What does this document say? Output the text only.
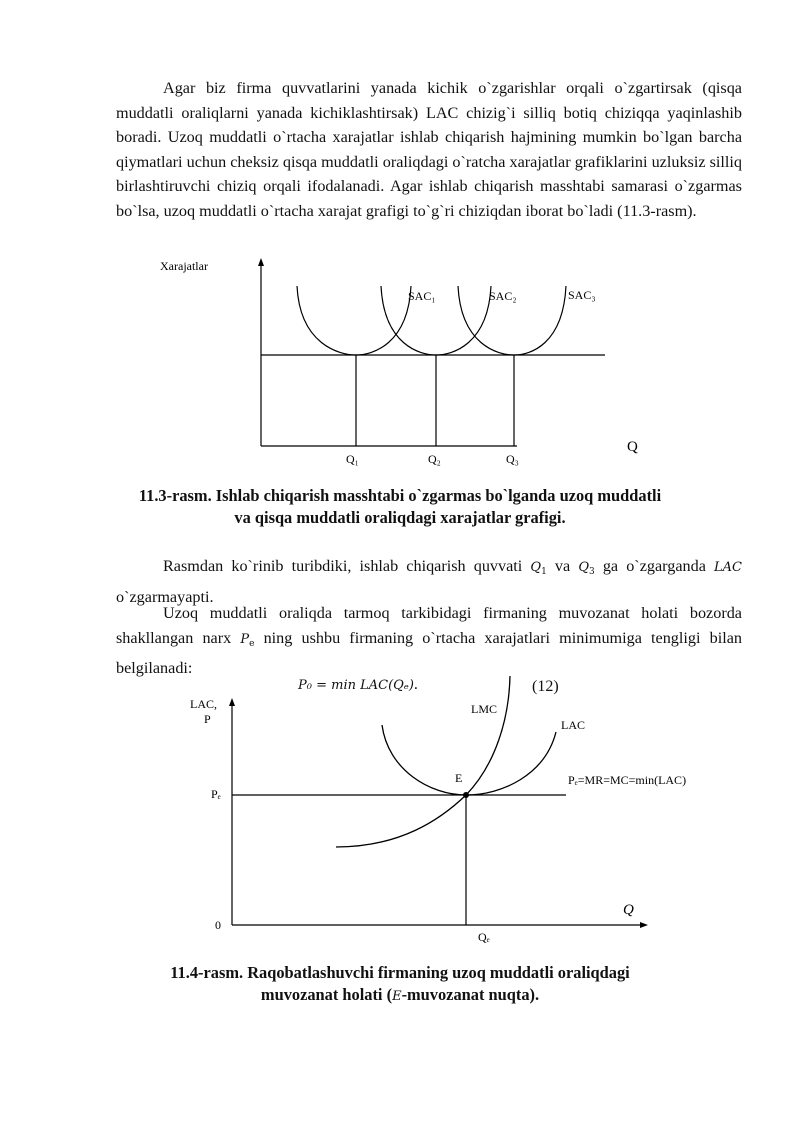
Agar biz firma quvvatlarini yanada kichik o`zgarishlar orqali o`zgartirsak (qisqa muddatli oraliqlarni yanada kichiklashtirsak) LAC chizig`i silliq botiq chiziqqa yaqinlashib boradi. Uzoq muddatli o`rtacha xarajatlar ishlab chiqarish hajmining mumkin bo`lgan barcha qiymatlari uchun cheksiz qisqa muddatli oraliqdagi o`ratcha xarajatlar grafiklarini uzluksiz silliq birlashtiruvchi chiziq orqali ifodalanadi. Agar ishlab chiqarish masshtabi samarasi o`zgarmas bo`lsa, uzoq muddatli o`rtacha xarajat grafigi to`g`ri chiziqdan iborat bo`ladi (11.3-rasm).

Xarajatlar
SAC₁	SAC₂	SAC₃
Q₁	Q₂	Q₃
Q

11.3-rasm. Ishlab chiqarish masshtabi o`zgarmas bo`lganda uzoq muddatli
va qisqa muddatli oraliqdagi xarajatlar grafigi.

Rasmdan ko`rinib turibdiki, ishlab chiqarish quvvati $Q_1$ va $Q_3$ ga o`zgarganda LAC o`zgarmayapti.

Uzoq muddatli oraliqda tarmoq tarkibidagi firmaning muvozanat holati bozorda shakllangan narx $P_e$ ning ushbu firmaning o`rtacha xarajatlari minimumiga tengligi bilan belgilanadi:

P₀ = min LAC(Qₑ).	(12)
LAC,
P
Pₑ
0
Qₑ
Q
LMC
LAC
E	Pₑ=MR=MC=min(LAC)

11.4-rasm. Raqobatlashuvchi firmaning uzoq muddatli oraliqdagi
muvozanat holati (E-muvozanat nuqta).
